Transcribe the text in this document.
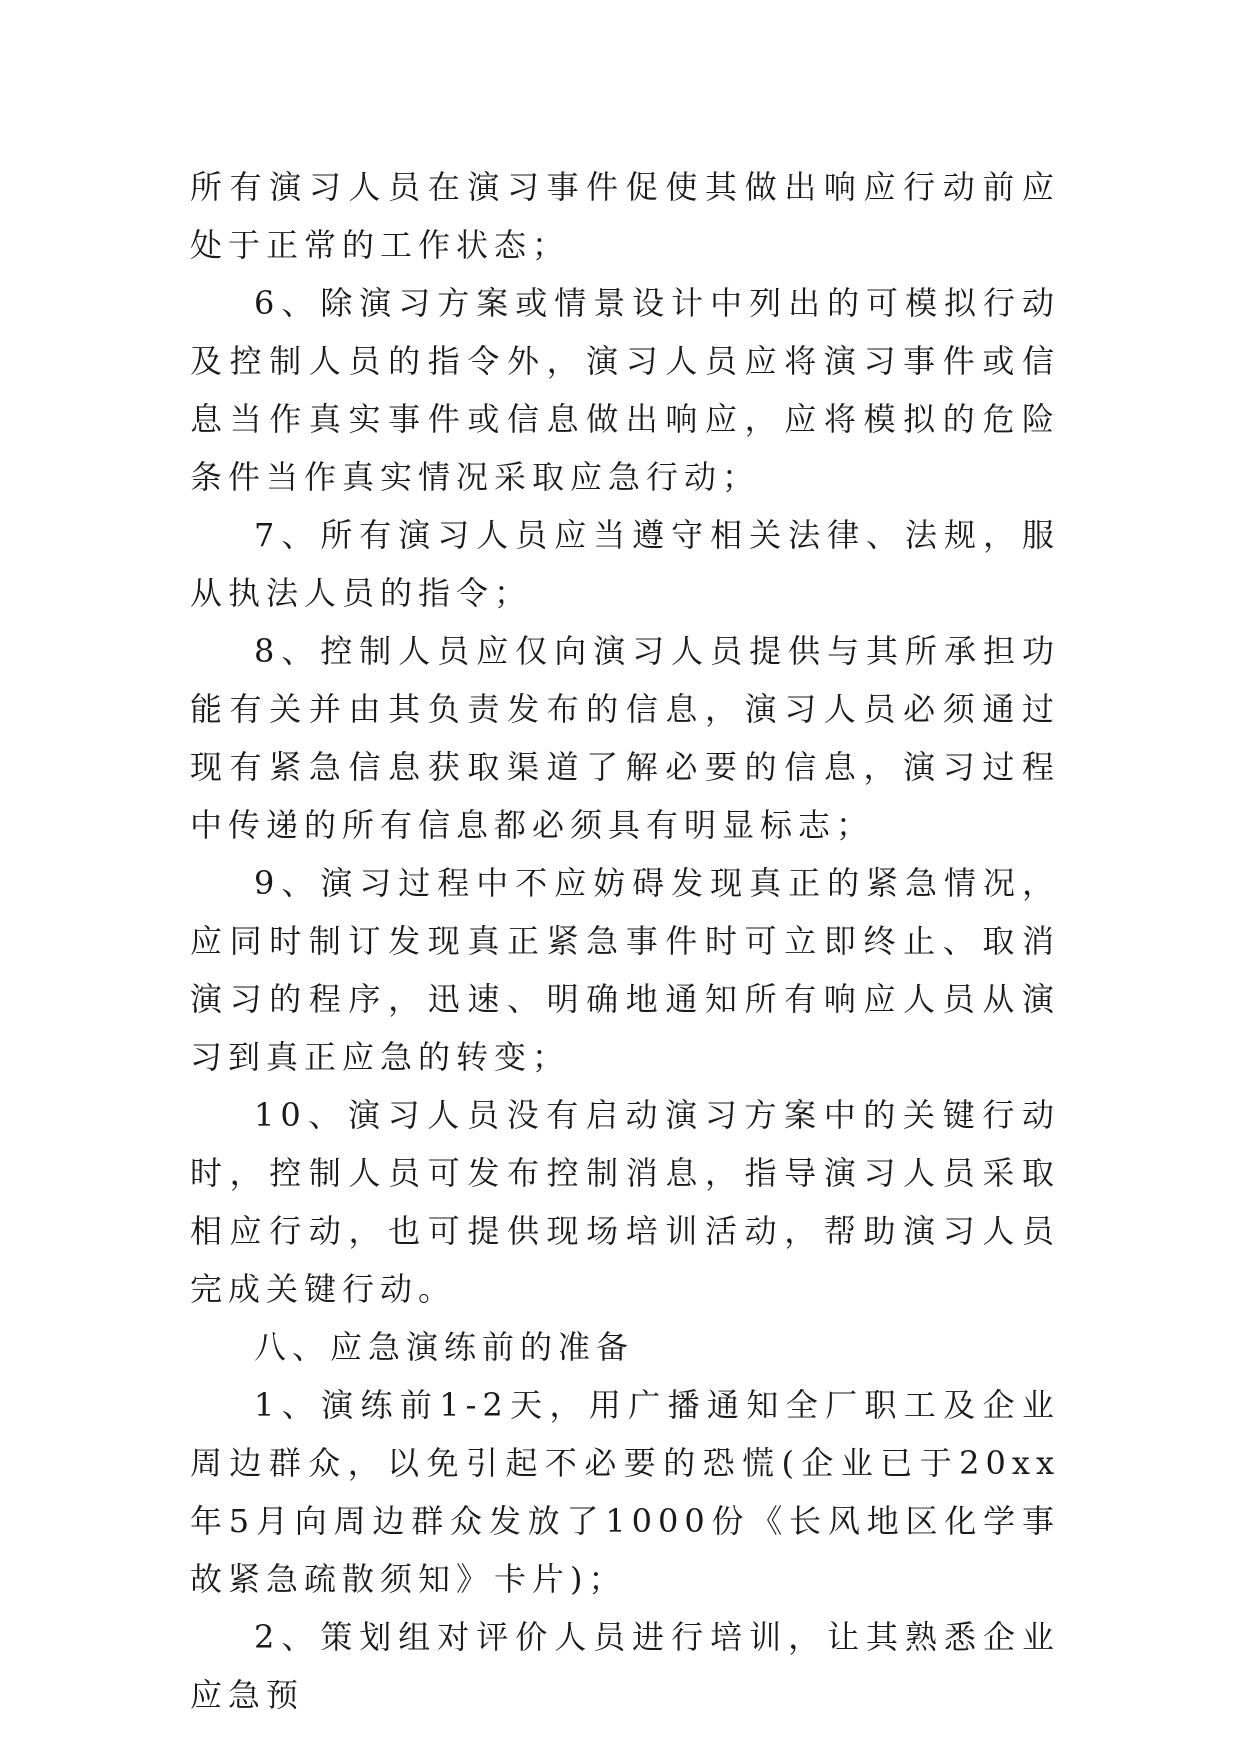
所有演习人员在演习事件促使其做出响应行动前应处于正常的工作状态；

6、除演习方案或情景设计中列出的可模拟行动及控制人员的指令外，演习人员应将演习事件或信息当作真实事件或信息做出响应，应将模拟的危险条件当作真实情况采取应急行动；

7、所有演习人员应当遵守相关法律、法规，服从执法人员的指令；

8、控制人员应仅向演习人员提供与其所承担功能有关并由其负责发布的信息，演习人员必须通过现有紧急信息获取渠道了解必要的信息，演习过程中传递的所有信息都必须具有明显标志；

9、演习过程中不应妨碍发现真正的紧急情况，应同时制订发现真正紧急事件时可立即终止、取消演习的程序，迅速、明确地通知所有响应人员从演习到真正应急的转变；

10、演习人员没有启动演习方案中的关键行动时，控制人员可发布控制消息，指导演习人员采取相应行动，也可提供现场培训活动，帮助演习人员完成关键行动。

八、应急演练前的准备

1、演练前1-2天，用广播通知全厂职工及企业周边群众，以免引起不必要的恐慌(企业已于20xx年5月向周边群众发放了1000份《长风地区化学事故紧急疏散须知》卡片)；

2、策划组对评价人员进行培训，让其熟悉企业应急预
